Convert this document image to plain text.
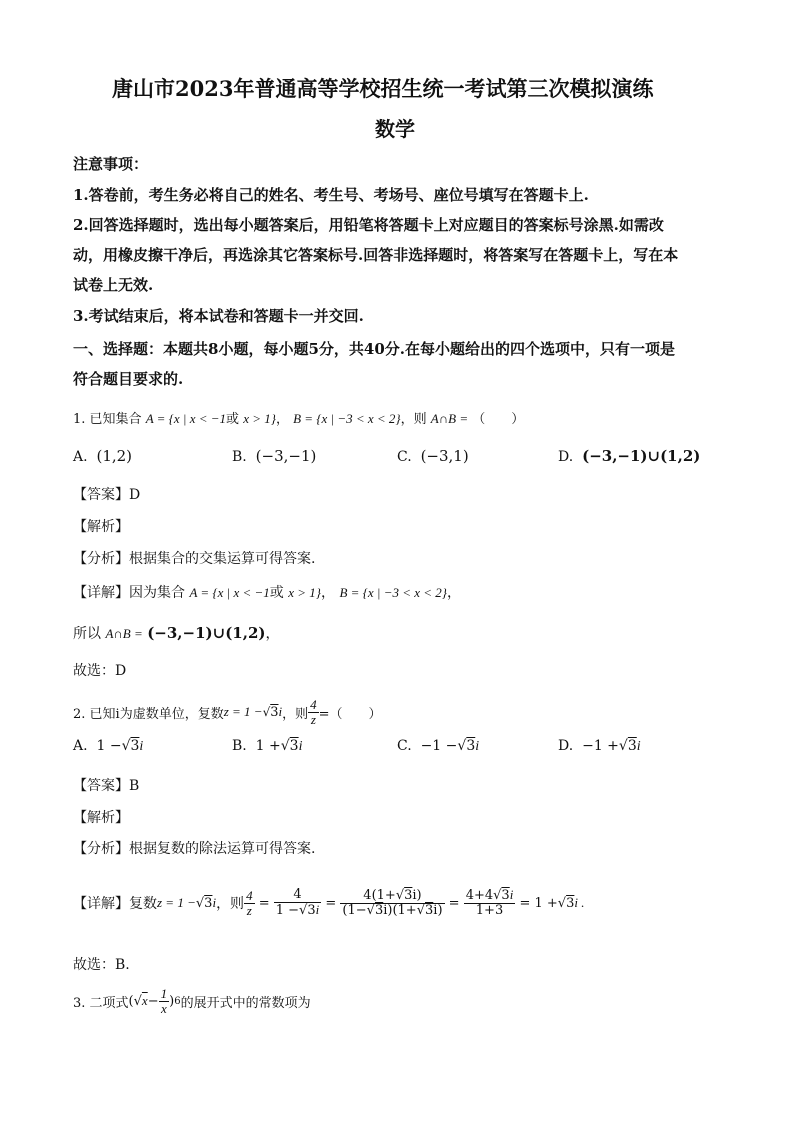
唐山市2023年普通高等学校招生统一考试第三次模拟演练
数学
注意事项：
1.答卷前，考生务必将自己的姓名、考生号、考场号、座位号填写在答题卡上.
2.回答选择题时，选出每小题答案后，用铅笔将答题卡上对应题目的答案标号涂黑.如需改
动，用橡皮擦干净后，再选涂其它答案标号.回答非选择题时，将答案写在答题卡上，写在本
试卷上无效.
3.考试结束后，将本试卷和答题卡一并交回.
一、选择题：本题共8小题，每小题5分，共40分.在每小题给出的四个选项中，只有一项是
符合题目要求的.
1. 已知集合 A = {x | x < −1或 x > 1}， B = {x | −3 < x < 2}，则 A∩B = （　　）
A. (1,2)	B. (−3,−1)	C. (−3,1)	D. (−3,−1)∪(1,2)
【答案】D
【解析】
【分析】根据集合的交集运算可得答案.
【详解】因为集合 A = {x | x < −1或 x > 1}， B = {x | −3 < x < 2}，
所以 A∩B = (−3,−1)∪(1,2)，
故选：D
2. 已知i为虚数单位，复数 z = 1 − √ 3 i ，则 $\frac{4}{z}$ =（　　）
A. 1 −√3i	B. 1 +√3i	C. −1 −√3i	D. −1 +√3i
【答案】B
【解析】
【分析】根据复数的除法运算可得答案.
【详解】复数 z = 1 − √ 3 i ，则 $\frac{4}{z} = \frac{4}{1 -√3i} = \frac{4(1+√3i)}{(1-√3i)(1+√3i)} = \frac{4+4√3i}{1+3}$
= 1 + √ 3 i .
故选：B.
3. 二项式 ( √ $x - \frac{1}{x}$ ) 6 的展开式中的常数项为
